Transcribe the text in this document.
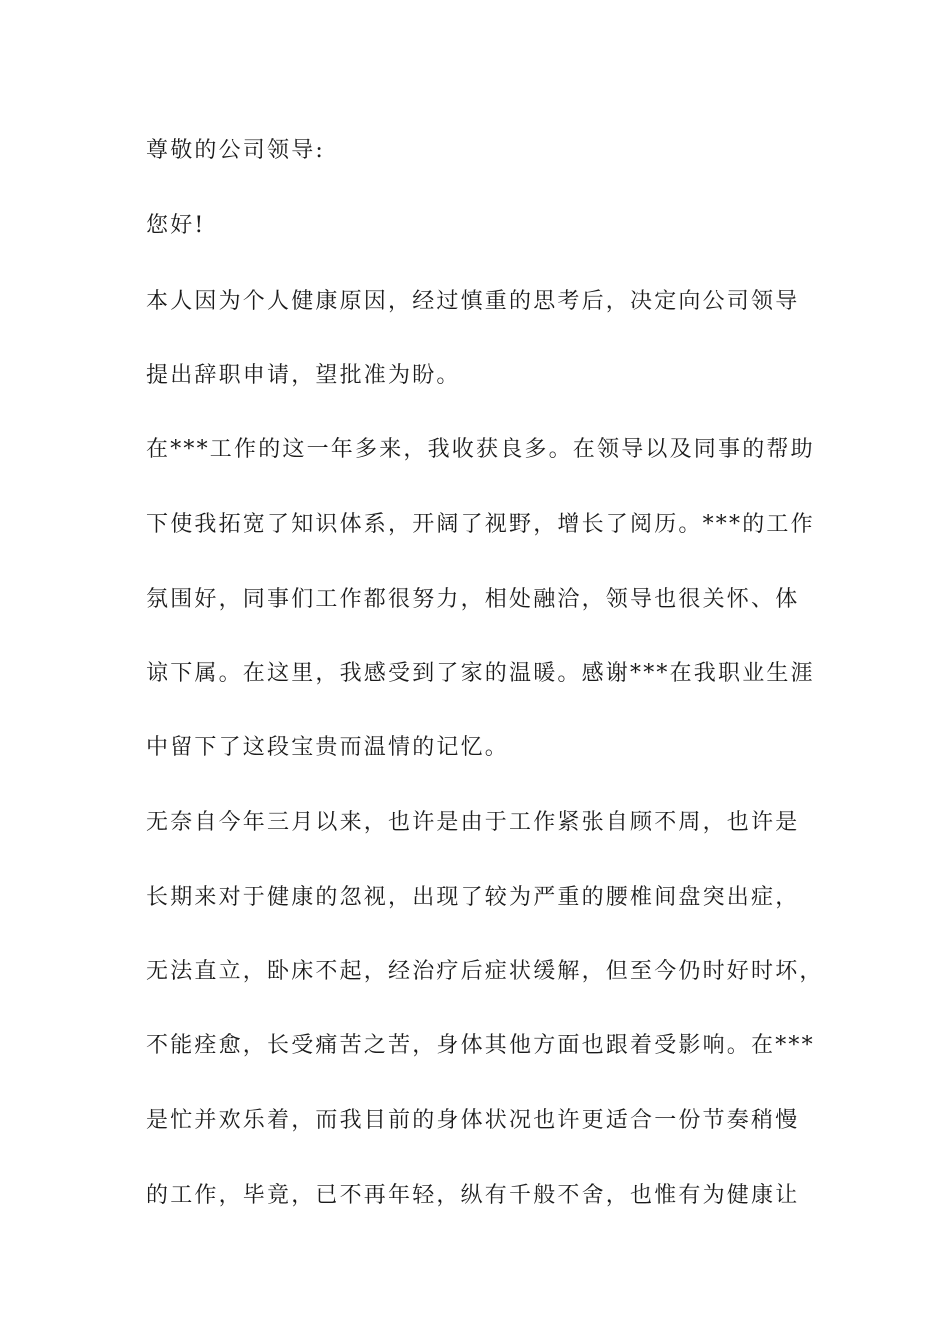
尊敬的公司领导:
您好!
本人因为个人健康原因，经过慎重的思考后，决定向公司领导
提出辞职申请，望批准为盼。
在***工作的这一年多来，我收获良多。在领导以及同事的帮助
下使我拓宽了知识体系，开阔了视野，增长了阅历。***的工作
氛围好，同事们工作都很努力，相处融洽，领导也很关怀、体
谅下属。在这里，我感受到了家的温暖。感谢***在我职业生涯
中留下了这段宝贵而温情的记忆。
无奈自今年三月以来，也许是由于工作紧张自顾不周，也许是
长期来对于健康的忽视，出现了较为严重的腰椎间盘突出症，
无法直立，卧床不起，经治疗后症状缓解，但至今仍时好时坏，
不能痊愈，长受痛苦之苦，身体其他方面也跟着受影响。在***
是忙并欢乐着，而我目前的身体状况也许更适合一份节奏稍慢
的工作，毕竟，已不再年轻，纵有千般不舍，也惟有为健康让
